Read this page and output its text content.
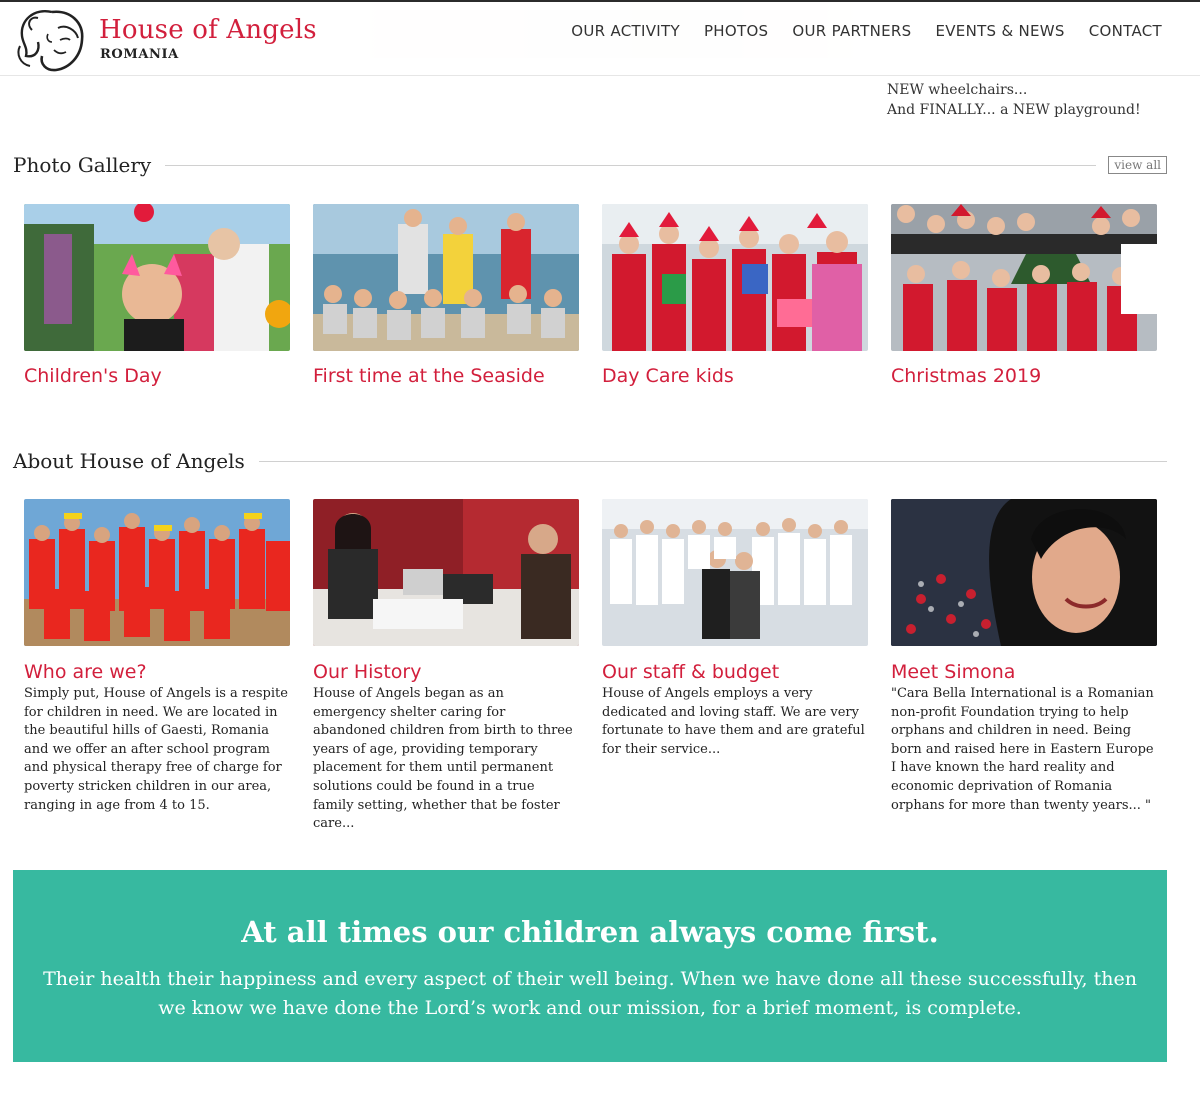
NEW wheelchairs...
And FINALLY... a NEW playground!
House of Angels
ROMANIA
OUR ACTIVITY PHOTOS OUR PARTNERS EVENTS & NEWS CONTACT
Photo Gallery	view all
Children's Day	First time at the Seaside	Day Care kids	Christmas 2019
About House of Angels
Who are we?
Simply put, House of Angels is a respite for children in need. We are located in the beautiful hills of Gaesti, Romania and we offer an after school program and physical therapy free of charge for poverty stricken children in our area, ranging in age from 4 to 15.
Our History
House of Angels began as an emergency shelter caring for abandoned children from birth to three years of age, providing temporary placement for them until permanent solutions could be found in a true family setting, whether that be foster care...
Our staff & budget
House of Angels employs a very dedicated and loving staff. We are very fortunate to have them and are grateful for their service...
Meet Simona
"Cara Bella International is a Romanian non-profit Foundation trying to help orphans and children in need. Being born and raised here in Eastern Europe I have known the hard reality and economic deprivation of Romania orphans for more than twenty years... "
At all times our children always come first.

Their health their happiness and every aspect of their well being. When we have done all these successfully, then we know we have done the Lord’s work and our mission, for a brief moment, is complete.
